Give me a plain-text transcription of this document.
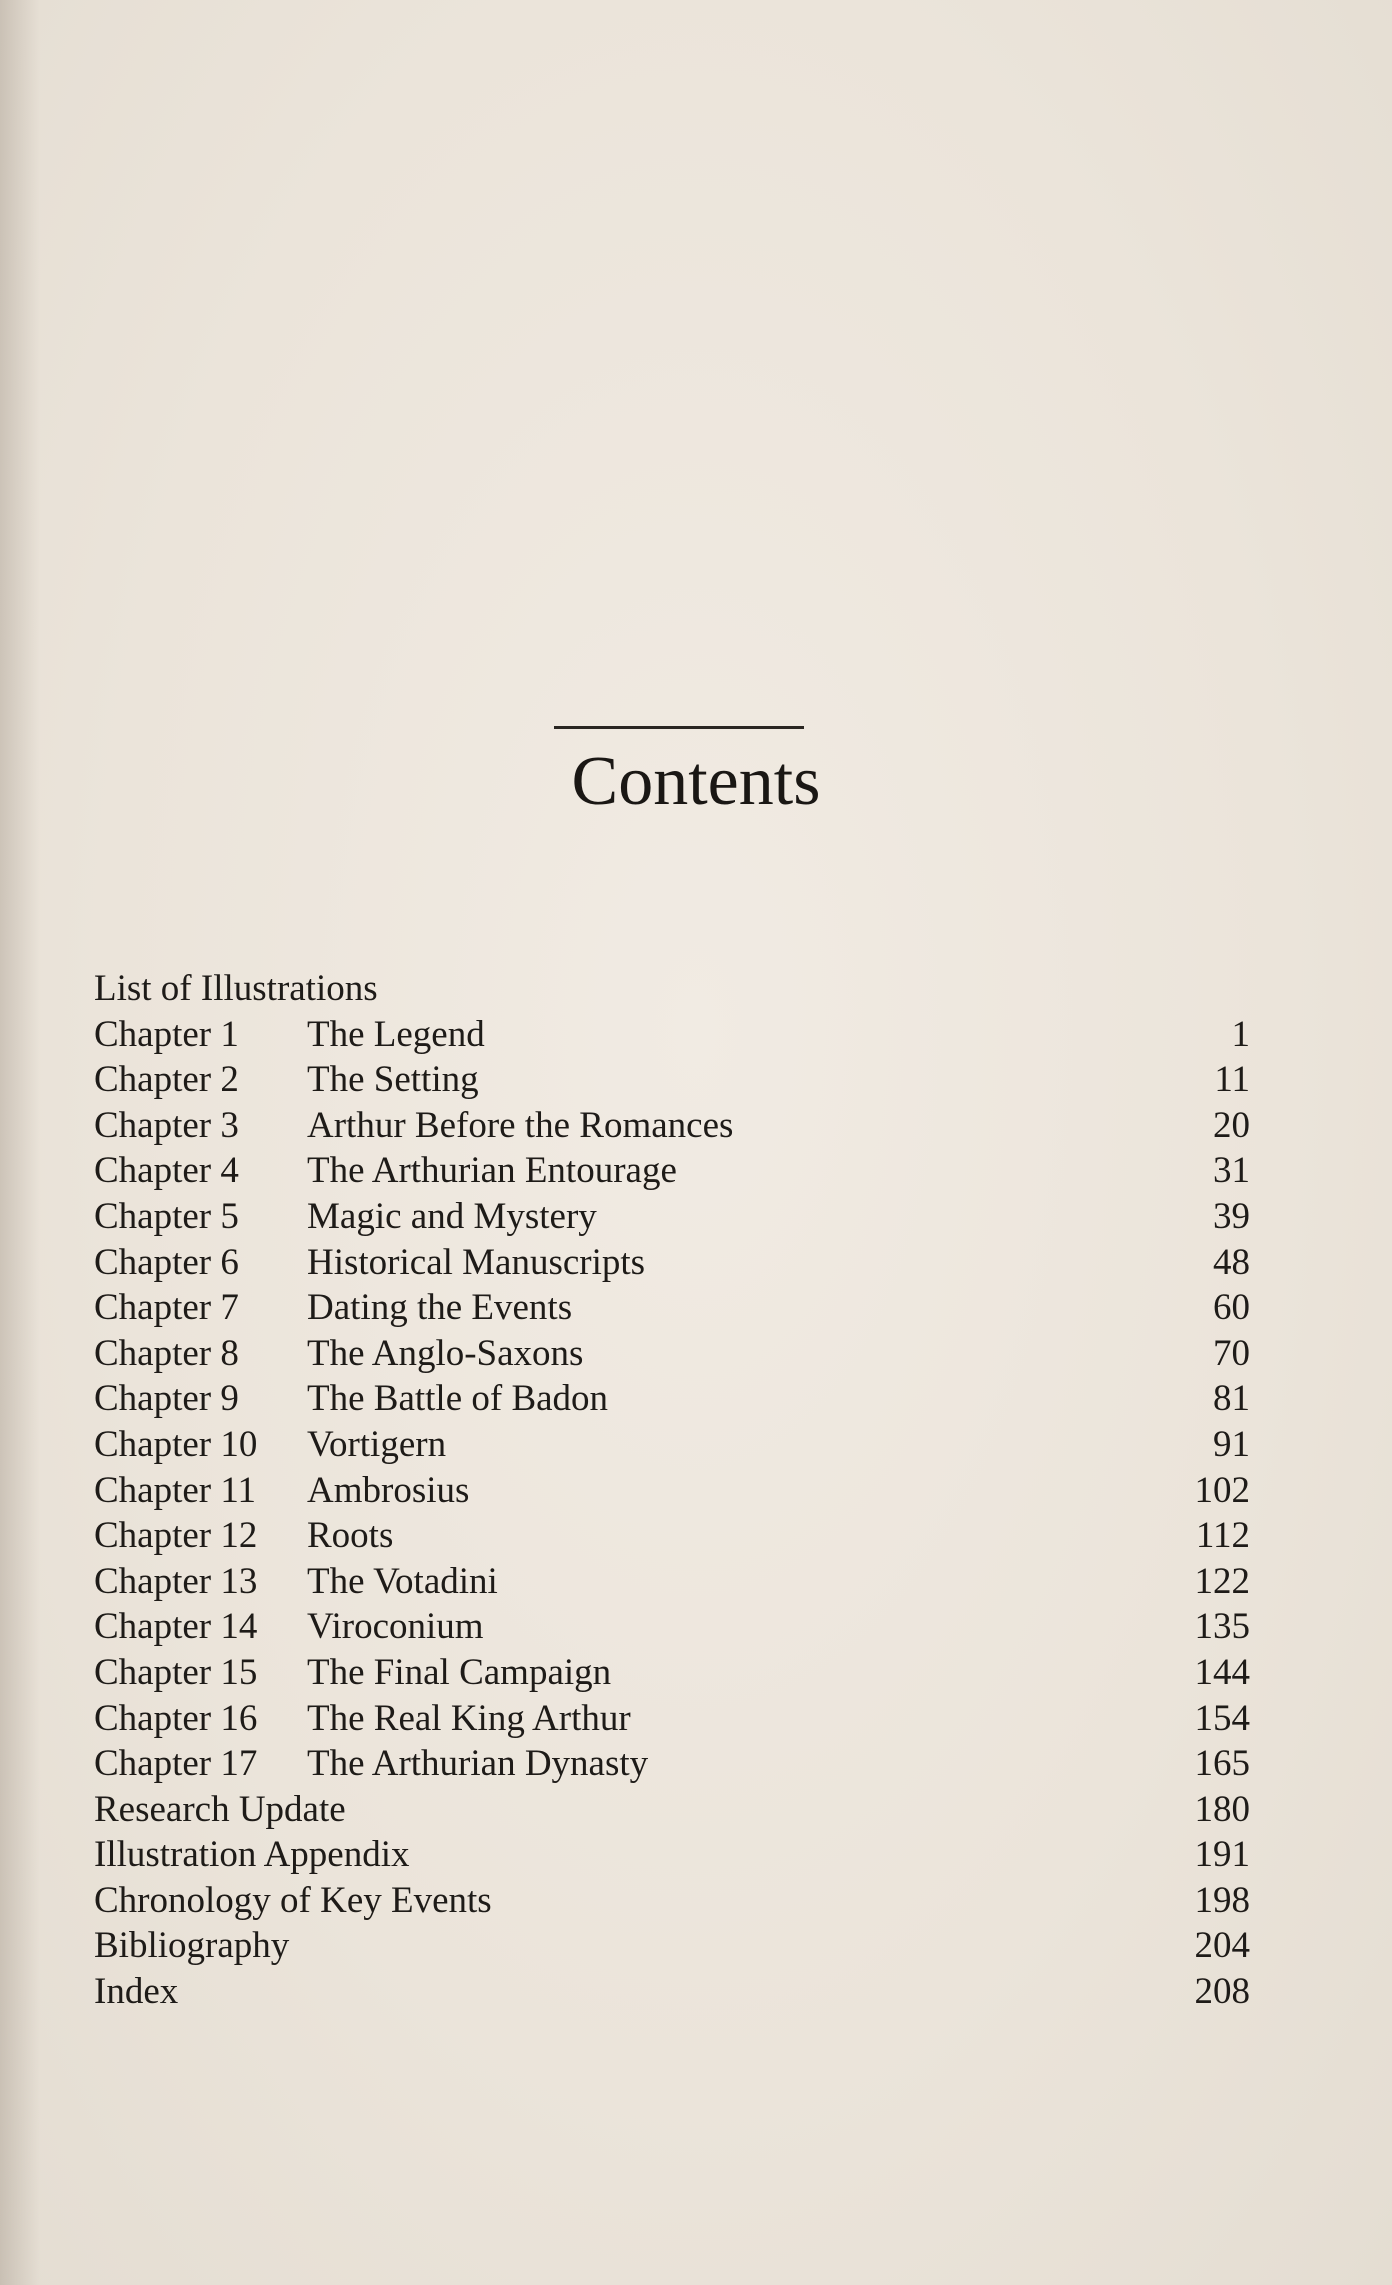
Contents
List of Illustrations
Chapter 1 The Legend	1
Chapter 2 The Setting	11
Chapter 3 Arthur Before the Romances	20
Chapter 4 The Arthurian Entourage	31
Chapter 5 Magic and Mystery	39
Chapter 6 Historical Manuscripts	48
Chapter 7 Dating the Events	60
Chapter 8 The Anglo-Saxons	70
Chapter 9 The Battle of Badon	81
Chapter 10 Vortigern	91
Chapter 11 Ambrosius	102
Chapter 12 Roots	112
Chapter 13 The Votadini	122
Chapter 14 Viroconium	135
Chapter 15 The Final Campaign	144
Chapter 16 The Real King Arthur	154
Chapter 17 The Arthurian Dynasty	165
Research Update	180
Illustration Appendix	191
Chronology of Key Events	198
Bibliography	204
Index	208
